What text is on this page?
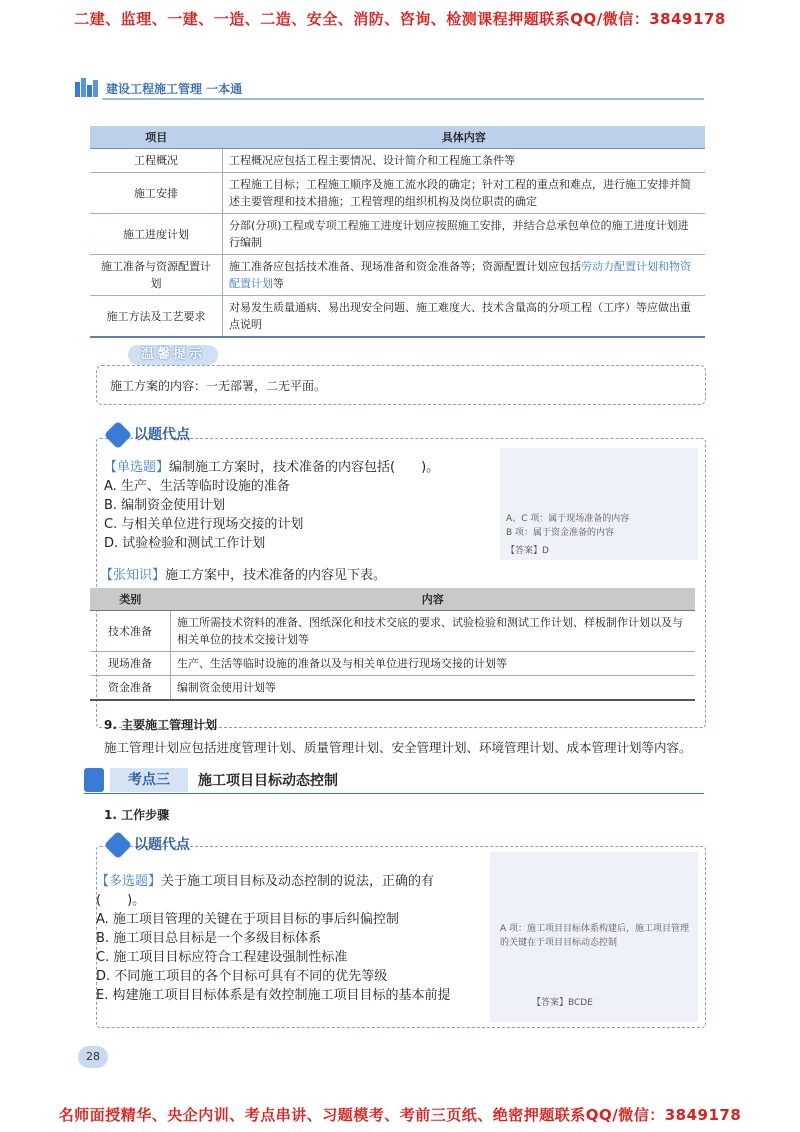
二建、监理、一建、一造、二造、安全、消防、咨询、检测课程押题联系QQ/微信：3849178
建设工程施工管理 一本通
项目	具体内容
工程概况	工程概况应包括工程主要情况、设计简介和工程施工条件等
施工安排	工程施工目标；工程施工顺序及施工流水段的确定；针对工程的重点和难点，进行施工安排并简述主要管理和技术措施；工程管理的组织机构及岗位职责的确定
施工进度计划	分部(分项)工程或专项工程施工进度计划应按照施工安排，并结合总承包单位的施工进度计划进行编制
施工准备与资源配置计划	施工准备应包括技术准备、现场准备和资金准备等；资源配置计划应包括劳动力配置计划和物资配置计划等
施工方法及工艺要求	对易发生质量通病、易出现安全问题、施工难度大、技术含量高的分项工程（工序）等应做出重点说明
温馨提示
施工方案的内容：一无部署，二无平面。
以题代点
【单选题】编制施工方案时，技术准备的内容包括(　　)。
A. 生产、生活等临时设施的准备
B. 编制资金使用计划
C. 与相关单位进行现场交接的计划
D. 试验检验和测试工作计划
A、C 项：属于现场准备的内容
B 项：属于资金准备的内容
【答案】D
【张知识】施工方案中，技术准备的内容见下表。
类别	内容
技术准备	施工所需技术资料的准备、图纸深化和技术交底的要求、试验检验和测试工作计划、样板制作计划以及与相关单位的技术交接计划等
现场准备	生产、生活等临时设施的准备以及与相关单位进行现场交接的计划等
资金准备	编制资金使用计划等
9. 主要施工管理计划
施工管理计划应包括进度管理计划、质量管理计划、安全管理计划、环境管理计划、成本管理计划等内容。
考点三	施工项目目标动态控制
1. 工作步骤
以题代点
【多选题】关于施工项目目标及动态控制的说法，正确的有(　　)。
A. 施工项目管理的关键在于项目目标的事后纠偏控制
B. 施工项目总目标是一个多级目标体系
C. 施工项目目标应符合工程建设强制性标准
D. 不同施工项目的各个目标可具有不同的优先等级
E. 构建施工项目目标体系是有效控制施工项目目标的基本前提
A 项：施工项目目标体系构建后，施工项目管理的关键在于项目目标动态控制
【答案】BCDE
28
名师面授精华、央企内训、考点串讲、习题模考、考前三页纸、绝密押题联系QQ/微信：3849178
